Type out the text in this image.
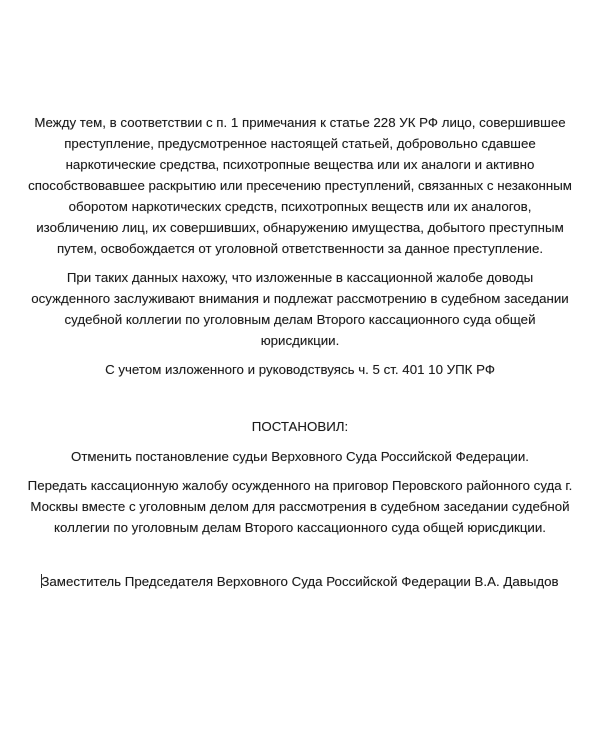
Между тем, в соответствии с п. 1 примечания к статье 228 УК РФ лицо, совершившее преступление, предусмотренное настоящей статьей, добровольно сдавшее наркотические средства, психотропные вещества или их аналоги и активно способствовавшее раскрытию или пресечению преступлений, связанных с незаконным оборотом наркотических средств, психотропных веществ или их аналогов, изобличению лиц, их совершивших, обнаружению имущества, добытого преступным путем, освобождается от уголовной ответственности за данное преступление.

При таких данных нахожу, что изложенные в кассационной жалобе доводы осужденного заслуживают внимания и подлежат рассмотрению в судебном заседании судебной коллегии по уголовным делам Второго кассационного суда общей юрисдикции.

С учетом изложенного и руководствуясь ч. 5 ст. 401 10 УПК РФ

ПОСТАНОВИЛ:

Отменить постановление судьи Верховного Суда Российской Федерации.

Передать кассационную жалобу осужденного на приговор Перовского районного суда г. Москвы вместе с уголовным делом для рассмотрения в судебном заседании судебной коллегии по уголовным делам Второго кассационного суда общей юрисдикции.

Заместитель Председателя Верховного Суда Российской Федерации В.А. Давыдов
